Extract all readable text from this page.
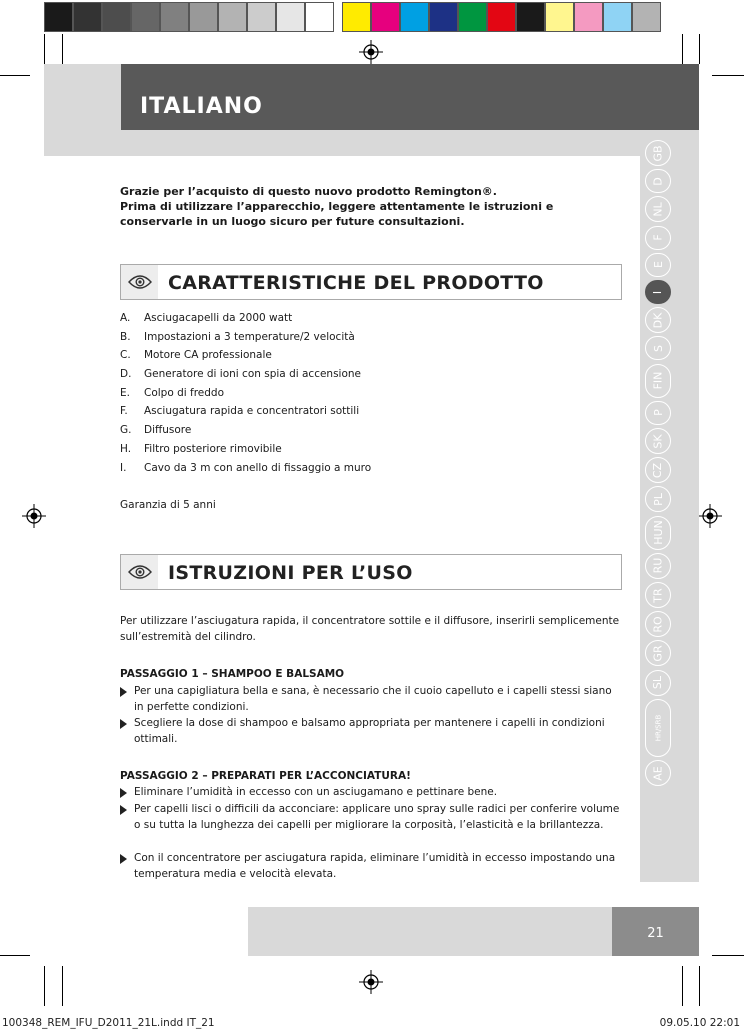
ITALIANO
GB
D
NL
F
E
I
DK
S
FIN
P
SK
CZ
PL
HUN
RU
TR
RO
GR
SL
HR/SRB
AE
Grazie per l’acquisto di questo nuovo prodotto Remington®.
Prima di utilizzare l’apparecchio, leggere attentamente le istruzioni e conservarle in un luogo sicuro per future consultazioni.
CARATTERISTICHE DEL PRODOTTO
A.	Asciugacapelli da 2000 watt
B.	Impostazioni a 3 temperature/2 velocità
C.	Motore CA professionale
D.	Generatore di ioni con spia di accensione
E.	Colpo di freddo
F.	Asciugatura rapida e concentratori sottili
G.	Diffusore
H.	Filtro posteriore rimovibile
I.	Cavo da 3 m con anello di fissaggio a muro
Garanzia di 5 anni
ISTRUZIONI PER L’USO
Per utilizzare l’asciugatura rapida, il concentratore sottile e il diffusore, inserirli semplicemente sull’estremità del cilindro.
PASSAGGIO 1 – SHAMPOO E BALSAMO
Per una capigliatura bella e sana, è necessario che il cuoio capelluto e i capelli stessi siano in perfette condizioni.
Scegliere la dose di shampoo e balsamo appropriata per mantenere i capelli in condizioni ottimali.
PASSAGGIO 2 – PREPARATI PER L’ACCONCIATURA!
Eliminare l’umidità in eccesso con un asciugamano e pettinare bene.
Per capelli lisci o difficili da acconciare: applicare uno spray sulle radici per conferire volume o su tutta la lunghezza dei capelli per migliorare la corposità, l’elasticità e la brillantezza.
Con il concentratore per asciugatura rapida, eliminare l’umidità in eccesso impostando una temperatura media e velocità elevata.
21
100348_REM_IFU_D2011_21L.indd IT_21	09.05.10 22:01
